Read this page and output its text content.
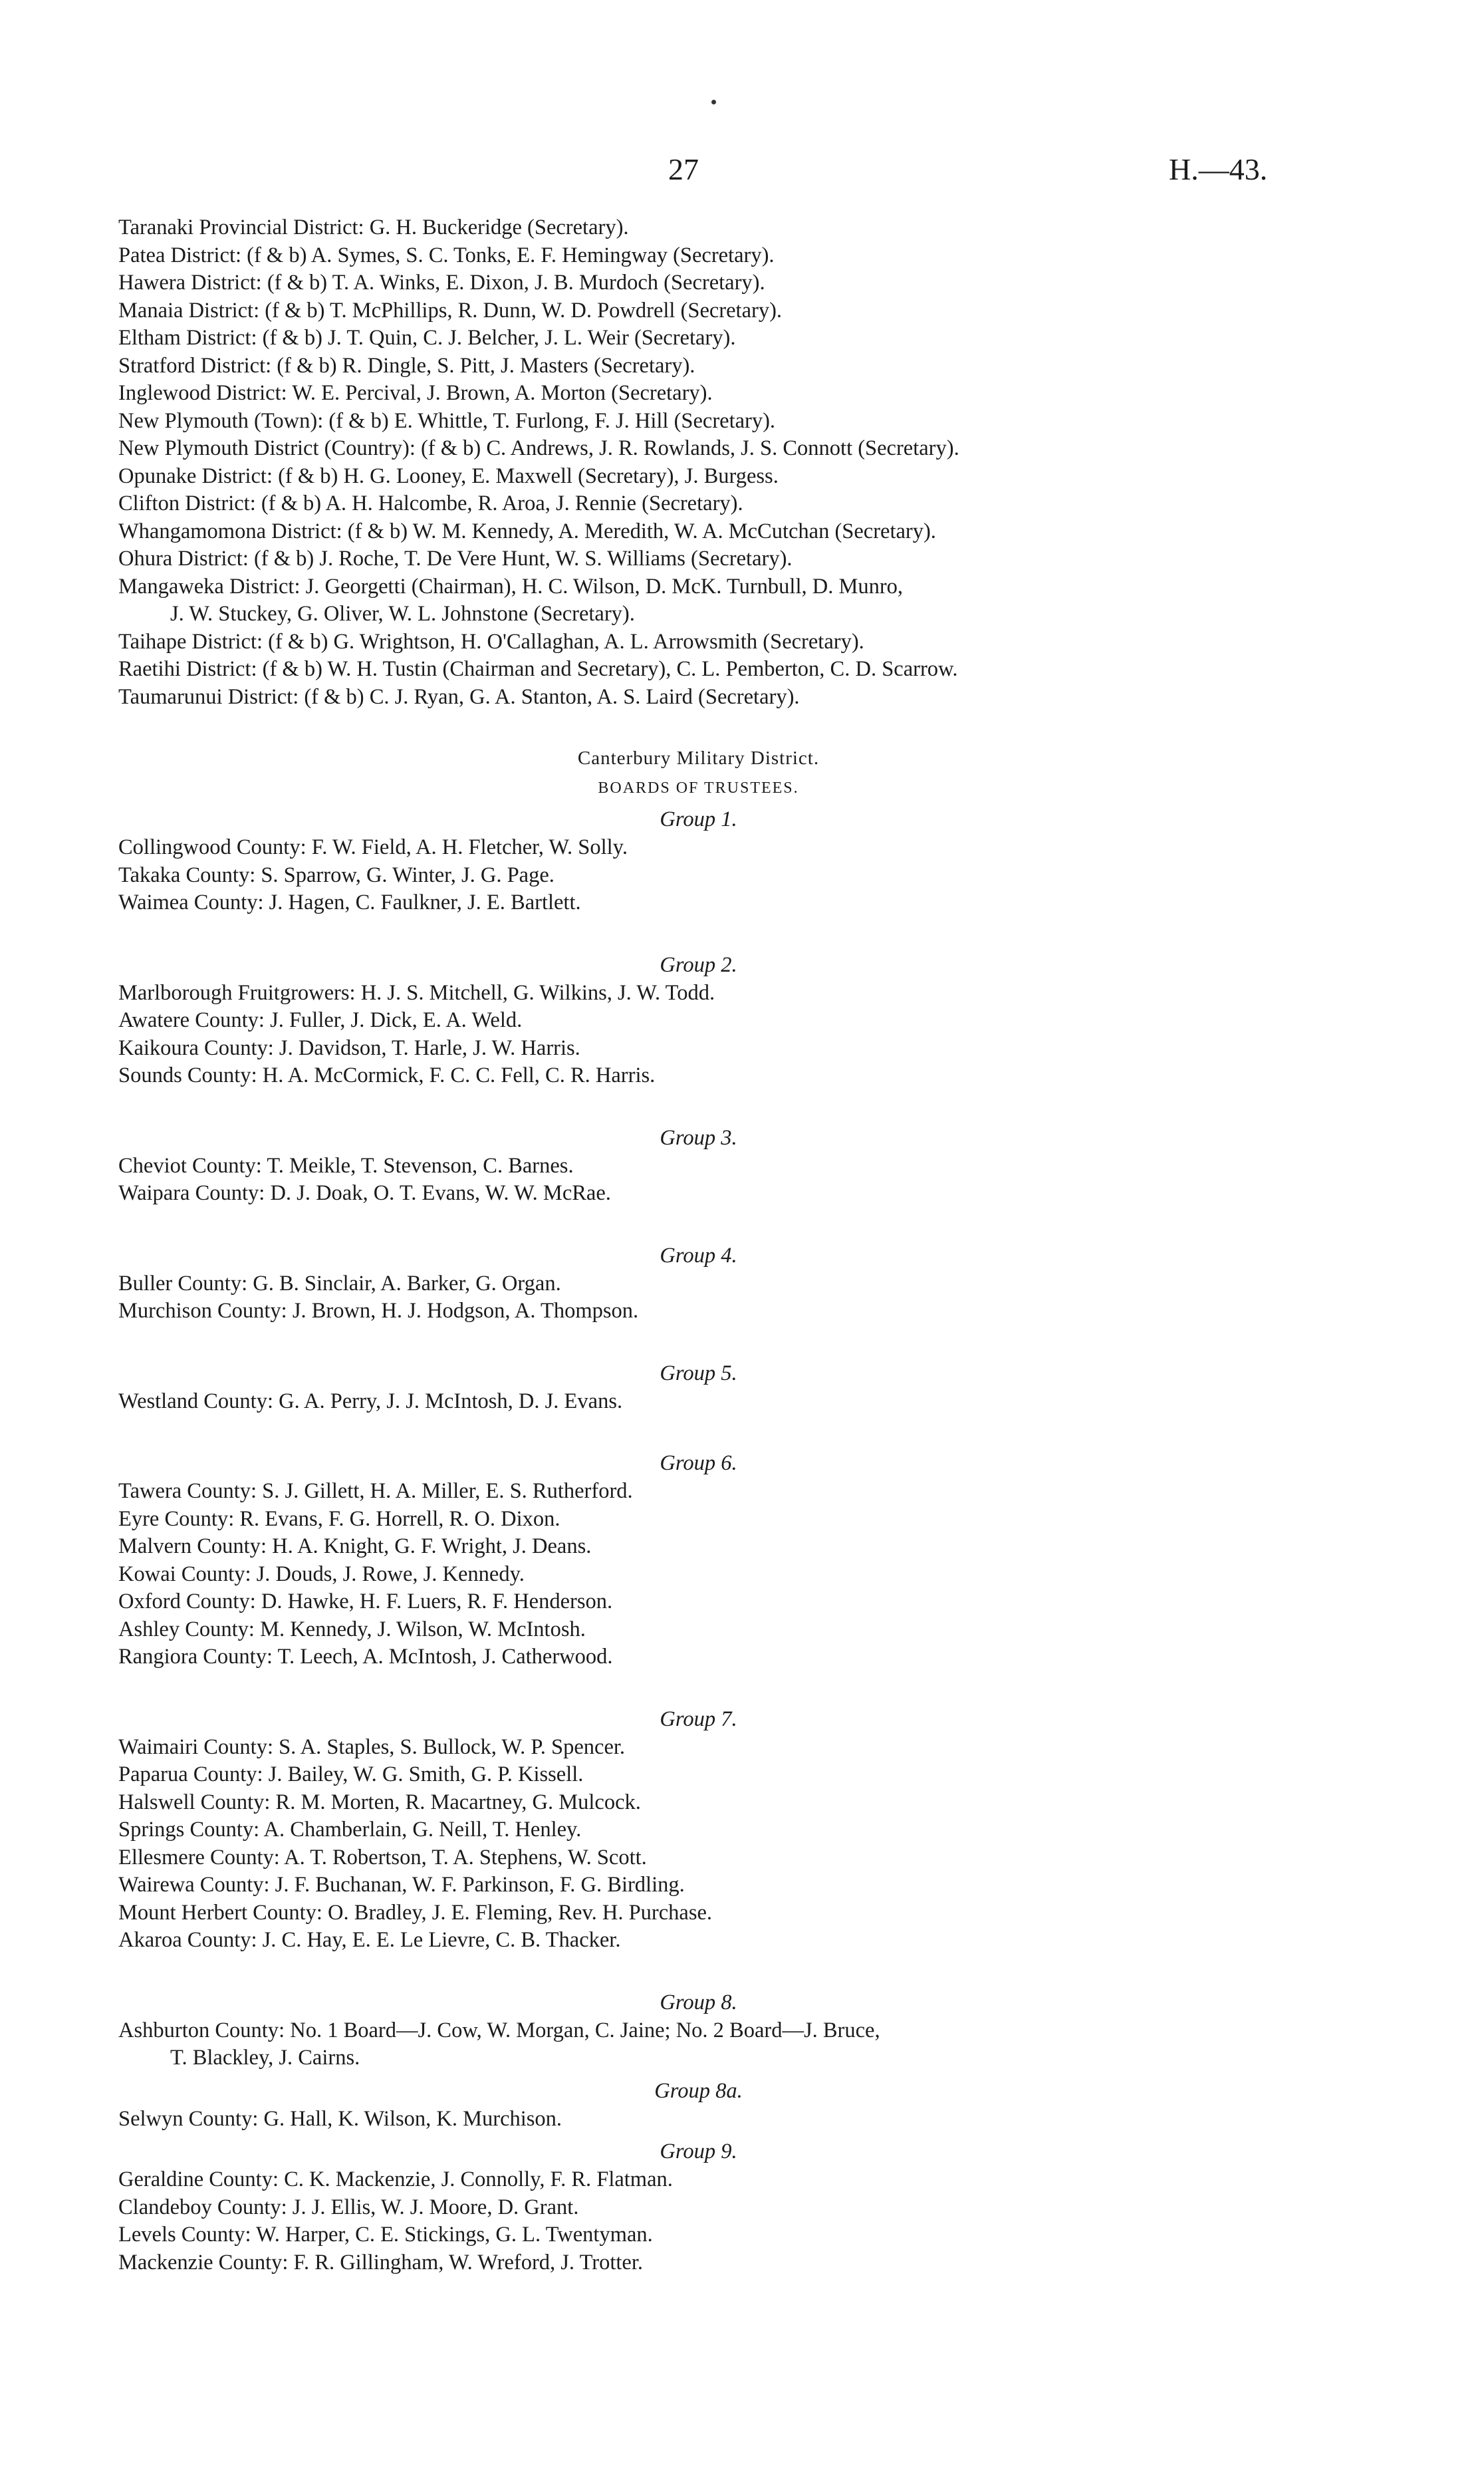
27	H.—43.

Taranaki Provincial District: G. H. Buckeridge (Secretary).

Patea District: (f & b) A. Symes, S. C. Tonks, E. F. Hemingway (Secretary).

Hawera District: (f & b) T. A. Winks, E. Dixon, J. B. Murdoch (Secretary).

Manaia District: (f & b) T. McPhillips, R. Dunn, W. D. Powdrell (Secretary).

Eltham District: (f & b) J. T. Quin, C. J. Belcher, J. L. Weir (Secretary).

Stratford District: (f & b) R. Dingle, S. Pitt, J. Masters (Secretary).

Inglewood District: W. E. Percival, J. Brown, A. Morton (Secretary).

New Plymouth (Town): (f & b) E. Whittle, T. Furlong, F. J. Hill (Secretary).

New Plymouth District (Country): (f & b) C. Andrews, J. R. Rowlands, J. S. Connott (Secretary).

Opunake District: (f & b) H. G. Looney, E. Maxwell (Secretary), J. Burgess.

Clifton District: (f & b) A. H. Halcombe, R. Aroa, J. Rennie (Secretary).

Whangamomona District: (f & b) W. M. Kennedy, A. Meredith, W. A. McCutchan (Secretary).

Ohura District: (f & b) J. Roche, T. De Vere Hunt, W. S. Williams (Secretary).

Mangaweka District: J. Georgetti (Chairman), H. C. Wilson, D. McK. Turnbull, D. Munro,
J. W. Stuckey, G. Oliver, W. L. Johnstone (Secretary).

Taihape District: (f & b) G. Wrightson, H. O'Callaghan, A. L. Arrowsmith (Secretary).

Raetihi District: (f & b) W. H. Tustin (Chairman and Secretary), C. L. Pemberton, C. D. Scarrow.

Taumarunui District: (f & b) C. J. Ryan, G. A. Stanton, A. S. Laird (Secretary).

Canterbury Military District.
BOARDS OF TRUSTEES.
Group 1.

Collingwood County: F. W. Field, A. H. Fletcher, W. Solly.

Takaka County: S. Sparrow, G. Winter, J. G. Page.

Waimea County: J. Hagen, C. Faulkner, J. E. Bartlett.

Group 2.

Marlborough Fruitgrowers: H. J. S. Mitchell, G. Wilkins, J. W. Todd.

Awatere County: J. Fuller, J. Dick, E. A. Weld.

Kaikoura County: J. Davidson, T. Harle, J. W. Harris.

Sounds County: H. A. McCormick, F. C. C. Fell, C. R. Harris.

Group 3.

Cheviot County: T. Meikle, T. Stevenson, C. Barnes.

Waipara County: D. J. Doak, O. T. Evans, W. W. McRae.

Group 4.

Buller County: G. B. Sinclair, A. Barker, G. Organ.

Murchison County: J. Brown, H. J. Hodgson, A. Thompson.

Group 5.

Westland County: G. A. Perry, J. J. McIntosh, D. J. Evans.

Group 6.

Tawera County: S. J. Gillett, H. A. Miller, E. S. Rutherford.

Eyre County: R. Evans, F. G. Horrell, R. O. Dixon.

Malvern County: H. A. Knight, G. F. Wright, J. Deans.

Kowai County: J. Douds, J. Rowe, J. Kennedy.

Oxford County: D. Hawke, H. F. Luers, R. F. Henderson.

Ashley County: M. Kennedy, J. Wilson, W. McIntosh.

Rangiora County: T. Leech, A. McIntosh, J. Catherwood.

Group 7.

Waimairi County: S. A. Staples, S. Bullock, W. P. Spencer.

Paparua County: J. Bailey, W. G. Smith, G. P. Kissell.

Halswell County: R. M. Morten, R. Macartney, G. Mulcock.

Springs County: A. Chamberlain, G. Neill, T. Henley.

Ellesmere County: A. T. Robertson, T. A. Stephens, W. Scott.

Wairewa County: J. F. Buchanan, W. F. Parkinson, F. G. Birdling.

Mount Herbert County: O. Bradley, J. E. Fleming, Rev. H. Purchase.

Akaroa County: J. C. Hay, E. E. Le Lievre, C. B. Thacker.

Group 8.

Ashburton County: No. 1 Board—J. Cow, W. Morgan, C. Jaine; No. 2 Board—J. Bruce,
T. Blackley, J. Cairns.

Group 8a.

Selwyn County: G. Hall, K. Wilson, K. Murchison.

Group 9.

Geraldine County: C. K. Mackenzie, J. Connolly, F. R. Flatman.

Clandeboy County: J. J. Ellis, W. J. Moore, D. Grant.

Levels County: W. Harper, C. E. Stickings, G. L. Twentyman.

Mackenzie County: F. R. Gillingham, W. Wreford, J. Trotter.
